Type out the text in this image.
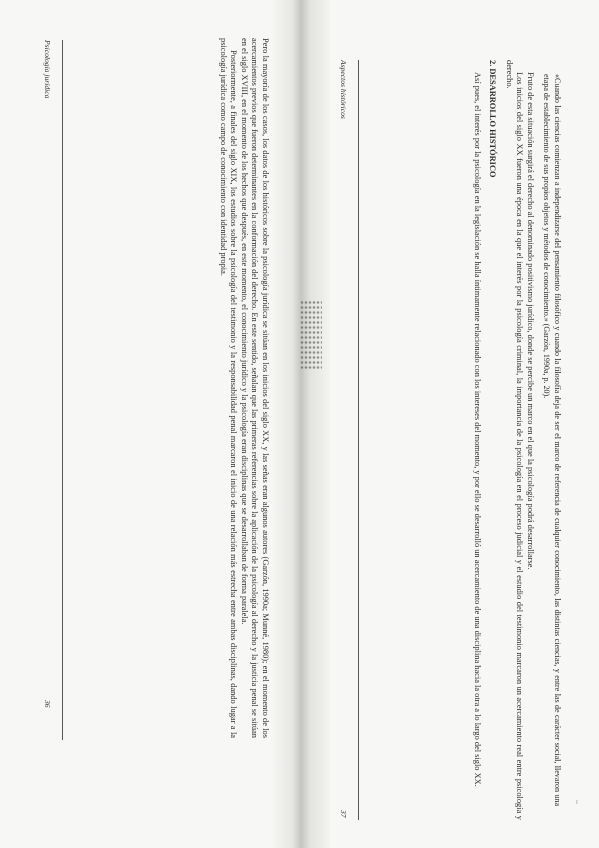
36
Psicología jurídica	Pero la mayoría de los casos, los datos de los históricos sobre la psicología jurídica se sitúan en los inicios del siglo XX, y las señas eran algunos autores (Garzón, 1990a; Munné, 1980); en el momento de los acercamientos previos que fueron determinantes en la conformación del derecho. En este sentido, señalan que las primeras referencias sobre la aplicación de la psicología al derecho y la justicia penal se sitúan en el siglo XVIII, en el momento de los hechos que después, en este momento, el conocimiento jurídico y la psicología eran disciplinas que se desarrollaban de forma paralela.

Posteriormente, a finales del siglo XIX, los estudios sobre la psicología del testimonio y la responsabilidad penal marcaron el inicio de una relación más estrecha entre ambas disciplinas, dando lugar a la psicología jurídica como campo de conocimiento con identidad propia.	Aspectos históricos
37

«Cuando las ciencias comienzan a independizarse del pensamiento filosófico y cuando la filosofía deja de ser el marco de referencia de cualquier conocimiento, las distintas ciencias, y entre las de carácter social, llevaron una etapa de establecimiento de sus propios objetos y métodos de conocimiento.» (Garzón, 1990a, p. 20).

Fruto de esta situación surgirá el derecho al denominado positivismo jurídico, donde se percibe un marco en el que la psicología podrá desarrollarse.

Los inicios del siglo XX fueron una época en la que el interés por la psicología criminal, la importancia de la psicología en el proceso judicial y el estudio del testimonio marcaron un acercamiento real entre psicología y derecho.

2. DESARROLLO HISTÓRICO

Así pues, el interés por la psicología en la legislación se halla íntimamente relacionado con los intereses del momento, y por ello se desarrolló un acercamiento de una disciplina hacia la otra a lo largo del siglo XX.

~
